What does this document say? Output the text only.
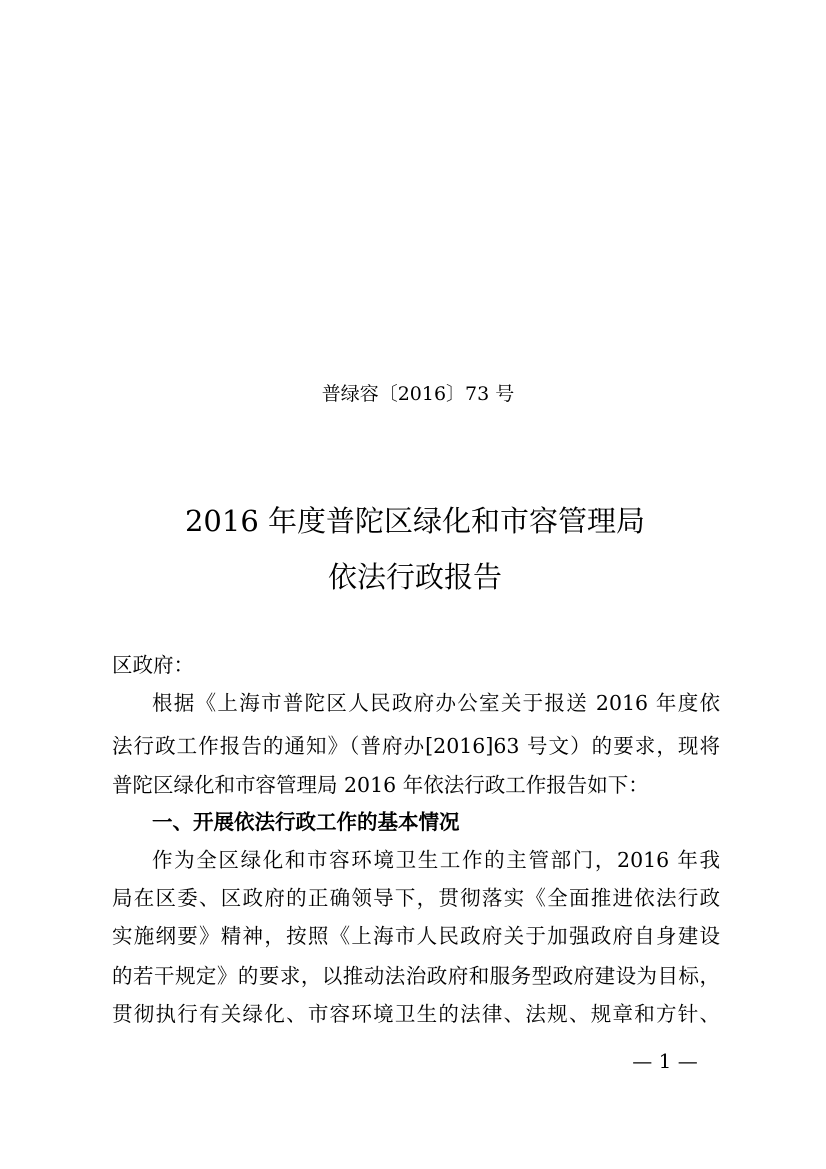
普绿容〔2016〕73 号
2016 年度普陀区绿化和市容管理局
依法行政报告
区政府：
根据《上海市普陀区人民政府办公室关于报送 2016 年度依
法行政工作报告的通知》（普府办[2016]63 号文）的要求，现将
普陀区绿化和市容管理局 2016 年依法行政工作报告如下：
一、开展依法行政工作的基本情况
作为全区绿化和市容环境卫生工作的主管部门，2016 年我
局在区委、区政府的正确领导下，贯彻落实《全面推进依法行政
实施纲要》精神，按照《上海市人民政府关于加强政府自身建设
的若干规定》的要求，以推动法治政府和服务型政府建设为目标，
贯彻执行有关绿化、市容环境卫生的法律、法规、规章和方针、
— 1 —
